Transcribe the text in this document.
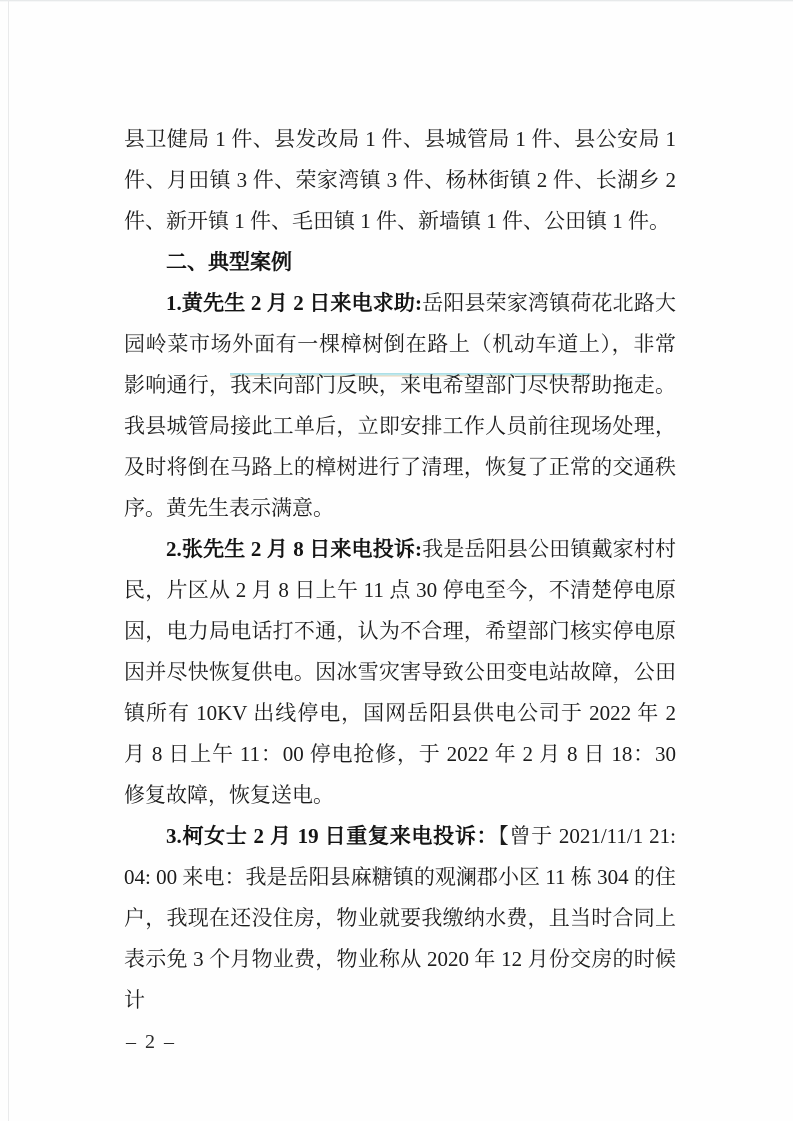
县卫健局 1 件、县发改局 1 件、县城管局 1 件、县公安局 1 件、月田镇 3 件、荣家湾镇 3 件、杨林街镇 2 件、长湖乡 2 件、新开镇 1 件、毛田镇 1 件、新墙镇 1 件、公田镇 1 件。
二、典型案例
1.黄先生 2 月 2 日来电求助:岳阳县荣家湾镇荷花北路大园岭菜市场外面有一棵樟树倒在路上（机动车道上），非常影响通行，我未向部门反映，来电希望部门尽快帮助拖走。我县城管局接此工单后，立即安排工作人员前往现场处理，及时将倒在马路上的樟树进行了清理，恢复了正常的交通秩序。黄先生表示满意。
2.张先生 2 月 8 日来电投诉:我是岳阳县公田镇戴家村村民，片区从 2 月 8 日上午 11 点 30 停电至今，不清楚停电原因，电力局电话打不通，认为不合理，希望部门核实停电原因并尽快恢复供电。因冰雪灾害导致公田变电站故障，公田镇所有 10KV 出线停电，国网岳阳县供电公司于 2022 年 2 月 8 日上午 11：00 停电抢修，于 2022 年 2 月 8 日 18：30 修复故障，恢复送电。
3.柯女士 2 月 19 日重复来电投诉：【曾于 2021/11/1 21: 04: 00 来电：我是岳阳县麻糖镇的观澜郡小区 11 栋 304 的住户，我现在还没住房，物业就要我缴纳水费，且当时合同上表示免 3 个月物业费，物业称从 2020 年 12 月份交房的时候计
– 2 –
